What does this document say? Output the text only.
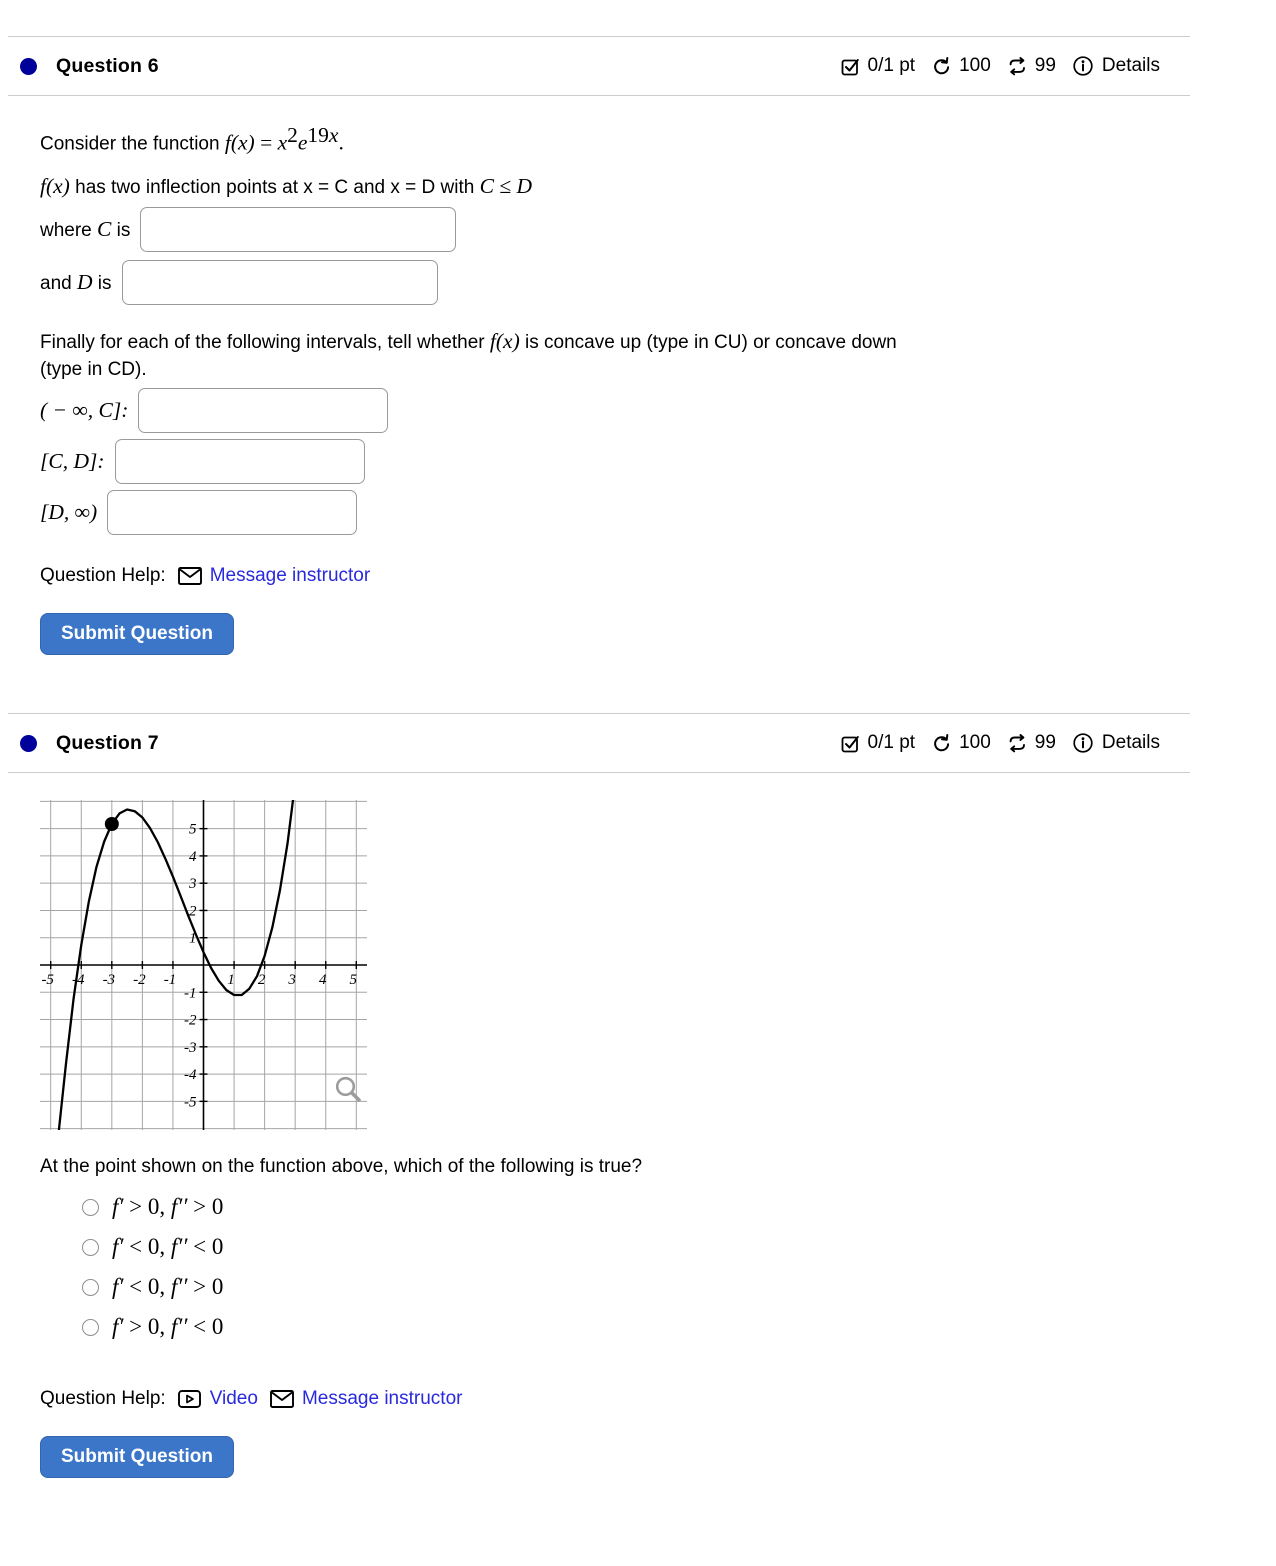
Question 6	0/1 pt 100 99 Details
Consider the function $f(x) = x^2e^{19x}$.
f(x) has two inflection points at x = C and x = D with C ≤ D
where C is
and D is
Finally for each of the following intervals, tell whether f(x) is concave up (type in CU) or concave down
(type in CD).
( − ∞, C]:
[C, D]:
[D, ∞)
Question Help: Message instructor
Submit Question
Question 7	0/1 pt 100 99 Details
-5 -4 -3 -2 -1	1 2 3 4 5
5
4
3
2
1
-1
-2
-3
-4
-5
At the point shown on the function above, which of the following is true?
f′ > 0, f′′ > 0
f′ < 0, f′′ < 0
f′ < 0, f′′ > 0
f′ > 0, f′′ < 0
Question Help: Video Message instructor
Submit Question
